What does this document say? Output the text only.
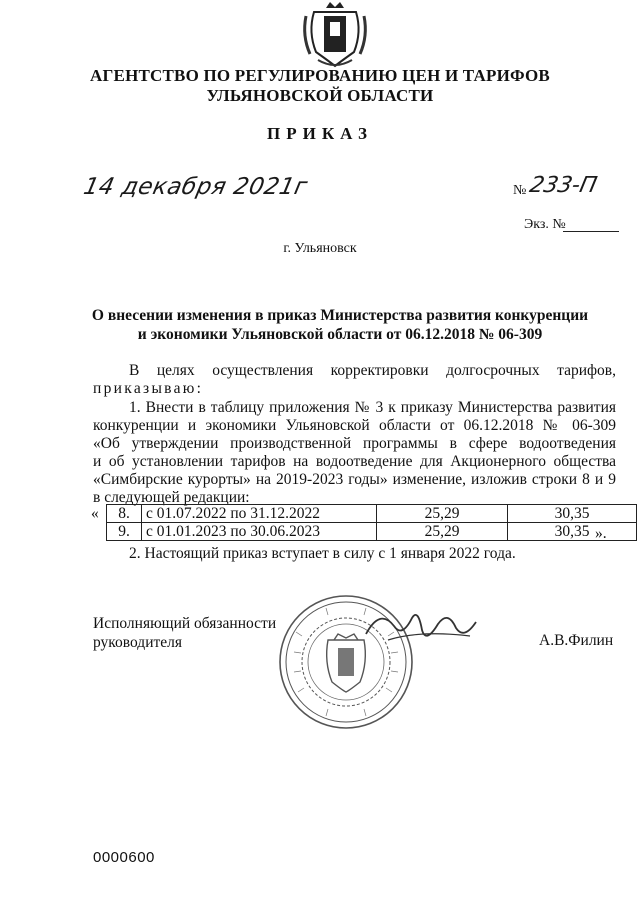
АГЕНТСТВО ПО РЕГУЛИРОВАНИЮ ЦЕН И ТАРИФОВ
УЛЬЯНОВСКОЙ ОБЛАСТИ
ПРИКАЗ
14 декабря 2021г	№ 233-П
Экз. №
г. Ульяновск
О внесении изменения в приказ Министерства развития конкуренции
и экономики Ульяновской области от 06.12.2018 № 06-309
В целях осуществления корректировки долгосрочных тарифов,
приказываю:
1. Внести в таблицу приложения № 3 к приказу Министерства развития
конкуренции и экономики Ульяновской области от 06.12.2018 № 06-309
«Об утверждении производственной программы в сфере водоотведения
и об установлении тарифов на водоотведение для Акционерного общества
«Симбирские курорты» на 2019-2023 годы» изменение, изложив строки 8 и 9
в следующей редакции:
« 8.	с 01.07.2022 по 31.12.2022	25,29	30,35
9.	с 01.01.2023 по 30.06.2023	25,29	30,35 ».
2. Настоящий приказ вступает в силу с 1 января 2022 года.
Исполняющий обязанности
руководителя	А.В.Филин
0000600
